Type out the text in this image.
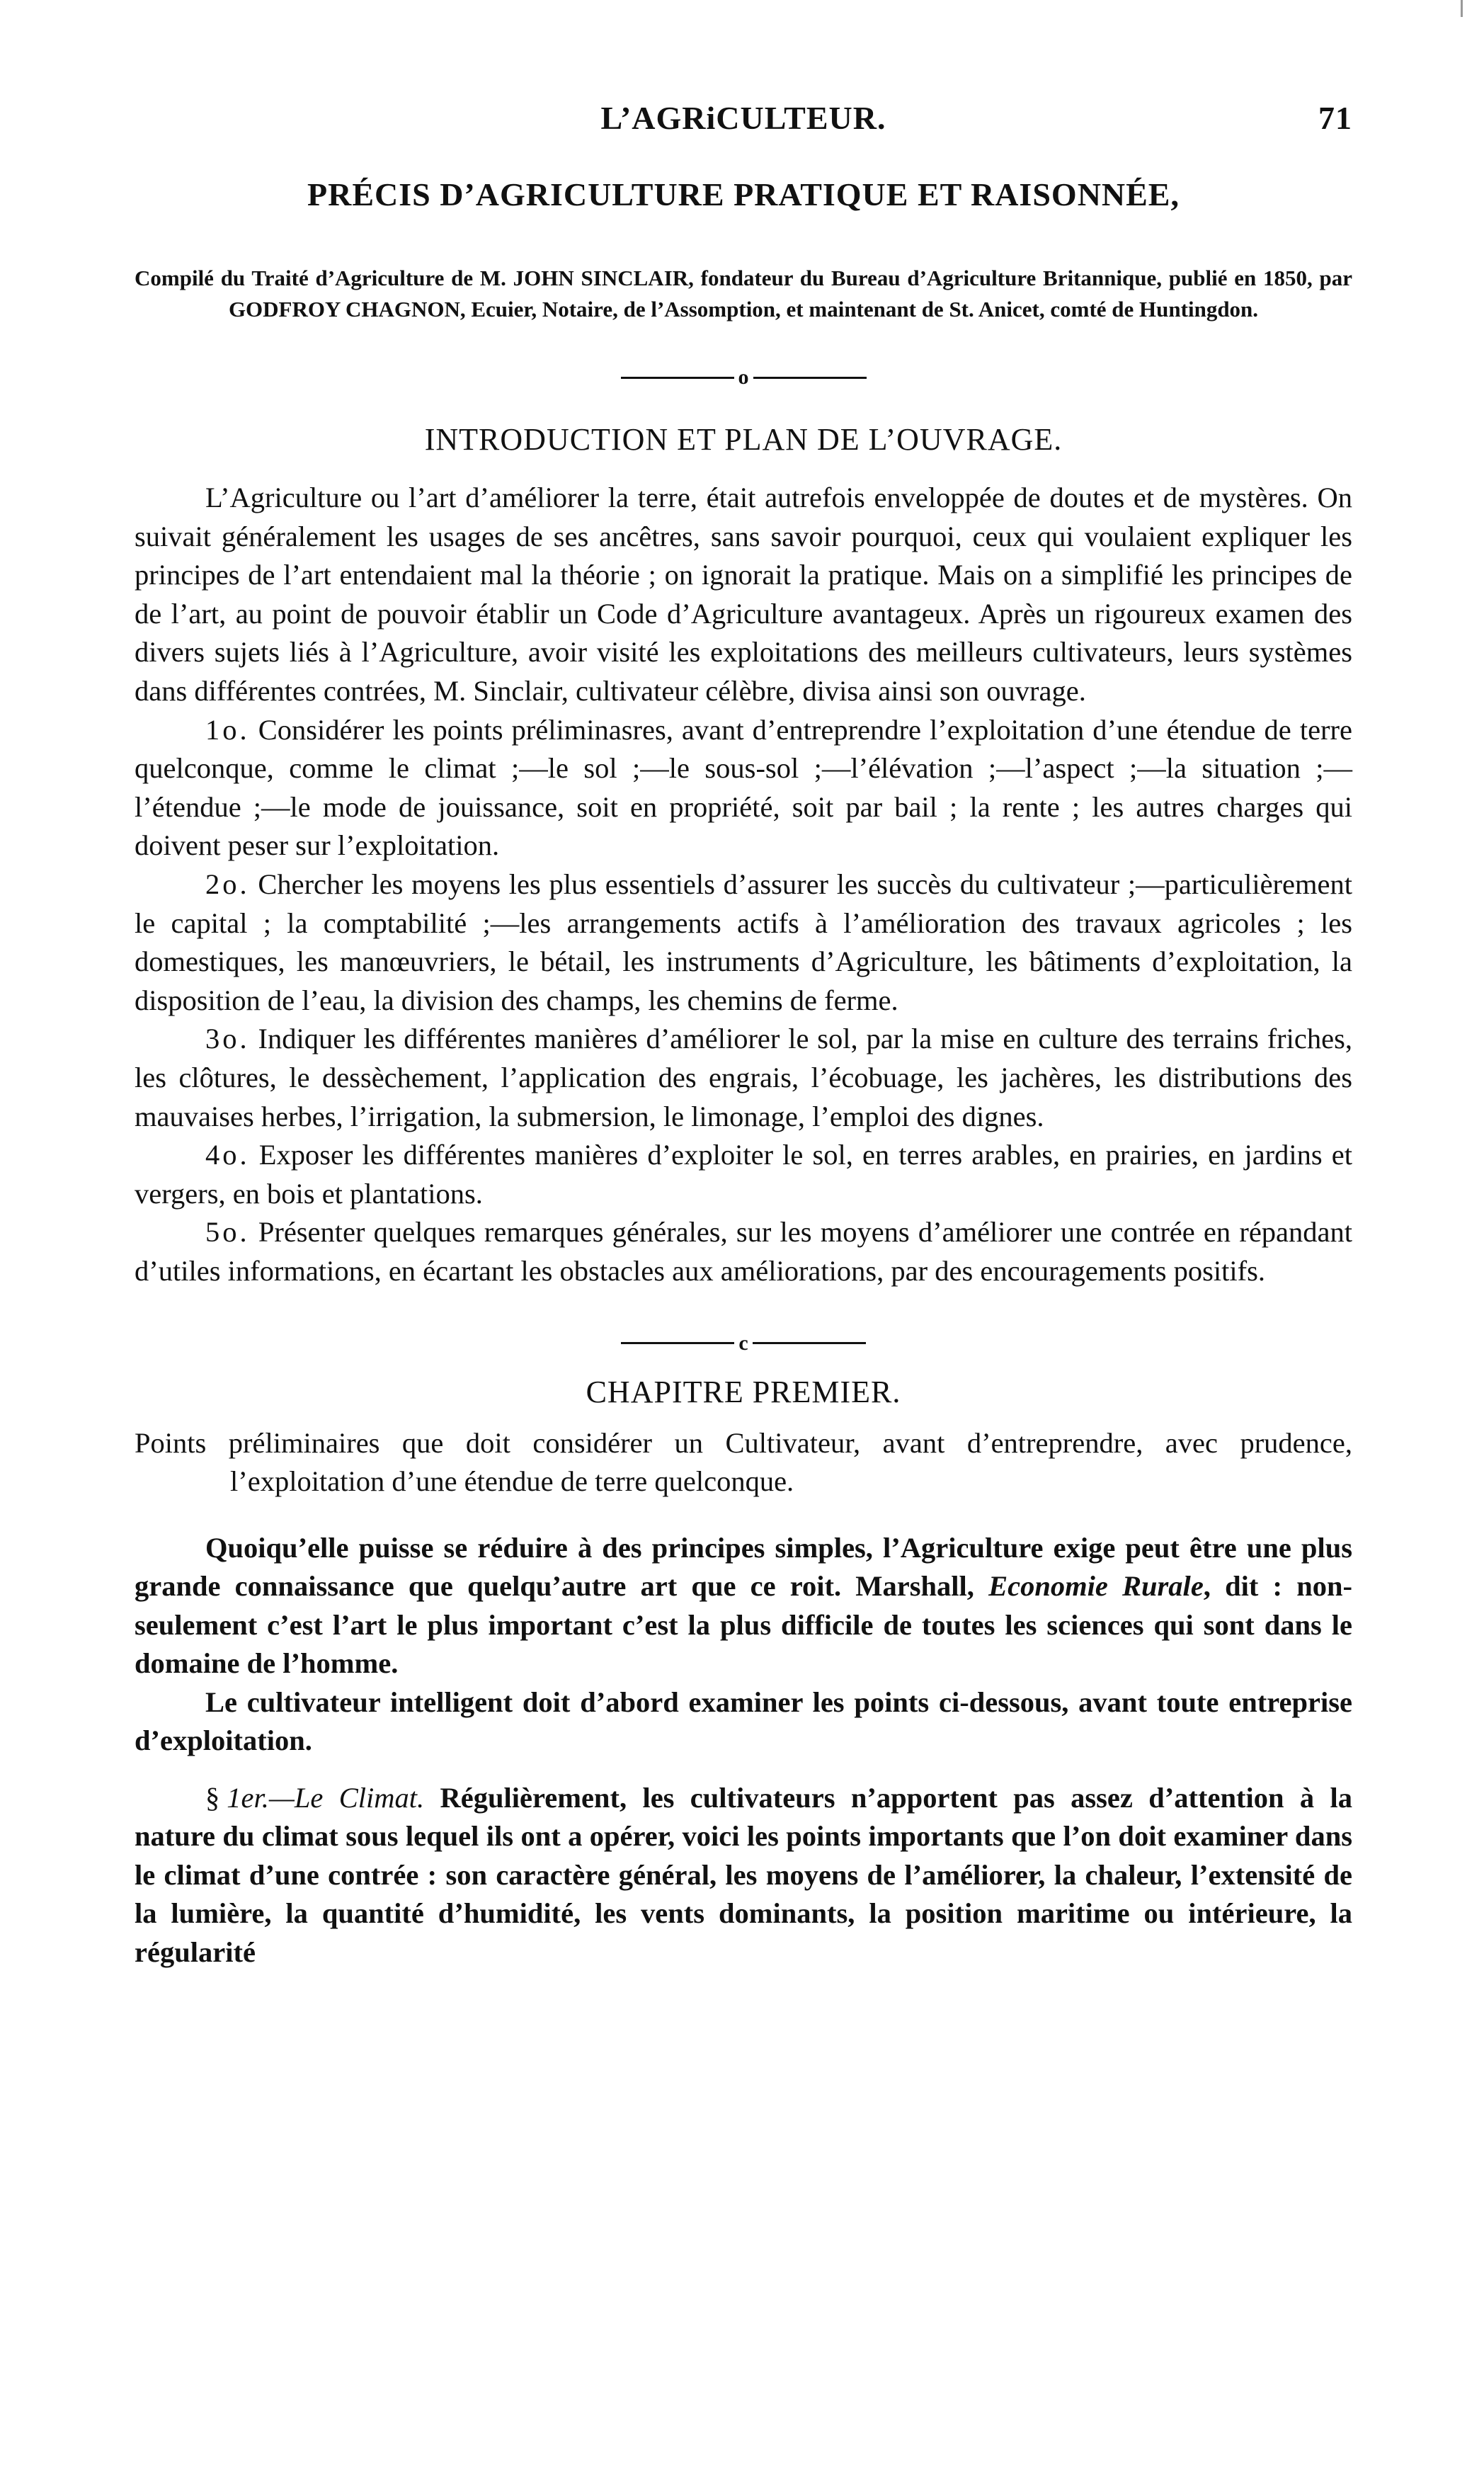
L’AGRiCULTEUR.	71
PRÉCIS D’AGRICULTURE PRATIQUE ET RAISONNÉE,
Compilé du Traité d’Agriculture de M. JOHN SINCLAIR, fondateur du Bureau d’Agriculture Britannique, publié en 1850, par GODFROY CHAGNON, Ecuier, Notaire, de l’Assomption, et maintenant de St. Anicet, comté de Huntingdon.
o
INTRODUCTION ET PLAN DE L’OUVRAGE.

L’Agriculture ou l’art d’améliorer la terre, était autrefois enveloppée de doutes et de mystères. On suivait généralement les usages de ses ancêtres, sans savoir pourquoi, ceux qui voulaient expliquer les principes de l’art entendaient mal la théorie ; on ignorait la pratique. Mais on a simplifié les principes de de l’art, au point de pouvoir établir un Code d’Agriculture avantageux. Après un rigoureux examen des divers sujets liés à l’Agriculture, avoir visité les exploitations des meilleurs cultivateurs, leurs systèmes dans différentes contrées, M. Sinclair, cultivateur célèbre, divisa ainsi son ouvrage.

1o. Considérer les points préliminasres, avant d’entreprendre l’exploitation d’une étendue de terre quelconque, comme le climat ;—le sol ;—le sous-sol ;—l’élévation ;—l’aspect ;—la situation ;—l’étendue ;—le mode de jouissance, soit en propriété, soit par bail ; la rente ; les autres charges qui doivent peser sur l’exploitation.

2o. Chercher les moyens les plus essentiels d’assurer les succès du cultivateur ;—particulièrement le capital ; la comptabilité ;—les arrangements actifs à l’amélioration des travaux agricoles ; les domestiques, les manœuvriers, le bétail, les instruments d’Agriculture, les bâtiments d’exploitation, la disposition de l’eau, la division des champs, les chemins de ferme.

3o. Indiquer les différentes manières d’améliorer le sol, par la mise en culture des terrains friches, les clôtures, le dessèchement, l’application des engrais, l’écobuage, les jachères, les distributions des mauvaises herbes, l’irrigation, la submersion, le limonage, l’emploi des dignes.

4o. Exposer les différentes manières d’exploiter le sol, en terres arables, en prairies, en jardins et vergers, en bois et plantations.

5o. Présenter quelques remarques générales, sur les moyens d’améliorer une contrée en répandant d’utiles informations, en écartant les obstacles aux améliorations, par des encouragements positifs.

c
CHAPITRE PREMIER.
Points préliminaires que doit considérer un Cultivateur, avant d’entreprendre, avec prudence, l’exploitation d’une étendue de terre quelconque.

Quoiqu’elle puisse se réduire à des principes simples, l’Agriculture exige peut être une plus grande connaissance que quelqu’autre art que ce roit. Marshall, Economie Rurale, dit : non-seulement c’est l’art le plus important c’est la plus difficile de toutes les sciences qui sont dans le domaine de l’homme.

Le cultivateur intelligent doit d’abord examiner les points ci-dessous, avant toute entreprise d’exploitation.

§ 1er.—Le Climat. Régulièrement, les cultivateurs n’apportent pas assez d’attention à la nature du climat sous lequel ils ont a opérer, voici les points importants que l’on doit examiner dans le climat d’une contrée : son caractère général, les moyens de l’améliorer, la chaleur, l’extensité de la lumière, la quantité d’humidité, les vents dominants, la position maritime ou intérieure, la régularité
